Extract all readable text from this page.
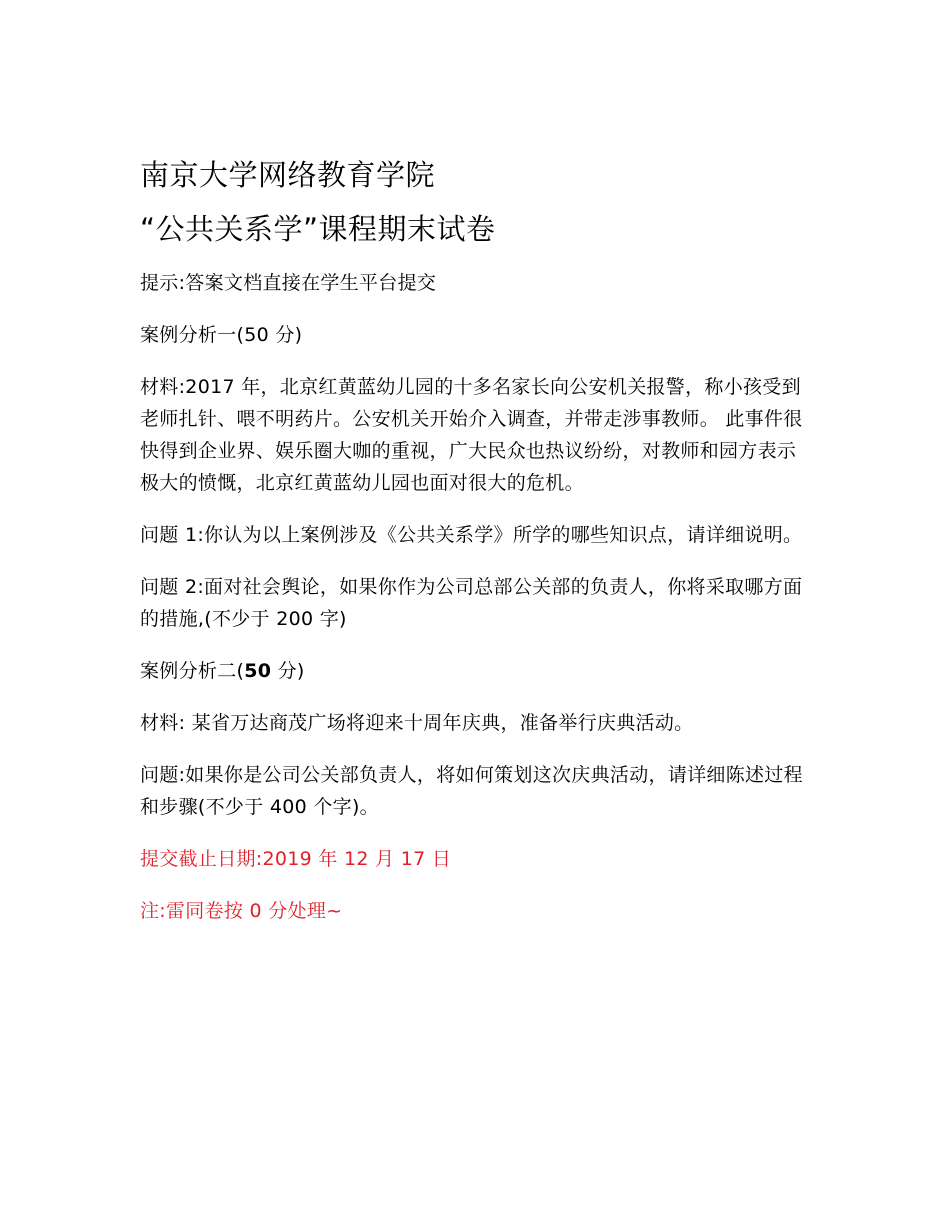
南京大学网络教育学院
“公共关系学”课程期末试卷
提示:答案文档直接在学生平台提交
案例分析一(50 分)
材料:2017 年，北京红黄蓝幼儿园的十多名家长向公安机关报警，称小孩受到老师扎针、喂不明药片。公安机关开始介入调查，并带走涉事教师。 此事件很快得到企业界、娱乐圈大咖的重视，广大民众也热议纷纷，对教师和园方表示极大的愤慨，北京红黄蓝幼儿园也面对很大的危机。
问题 1:你认为以上案例涉及《公共关系学》所学的哪些知识点，请详细说明。
问题 2:面对社会舆论，如果你作为公司总部公关部的负责人，你将采取哪方面的措施,(不少于 200 字)
案例分析二(50 分)
材料: 某省万达商茂广场将迎来十周年庆典，准备举行庆典活动。
问题:如果你是公司公关部负责人，将如何策划这次庆典活动，请详细陈述过程和步骤(不少于 400 个字)。
提交截止日期:2019 年 12 月 17 日
注:雷同卷按 0 分处理~
